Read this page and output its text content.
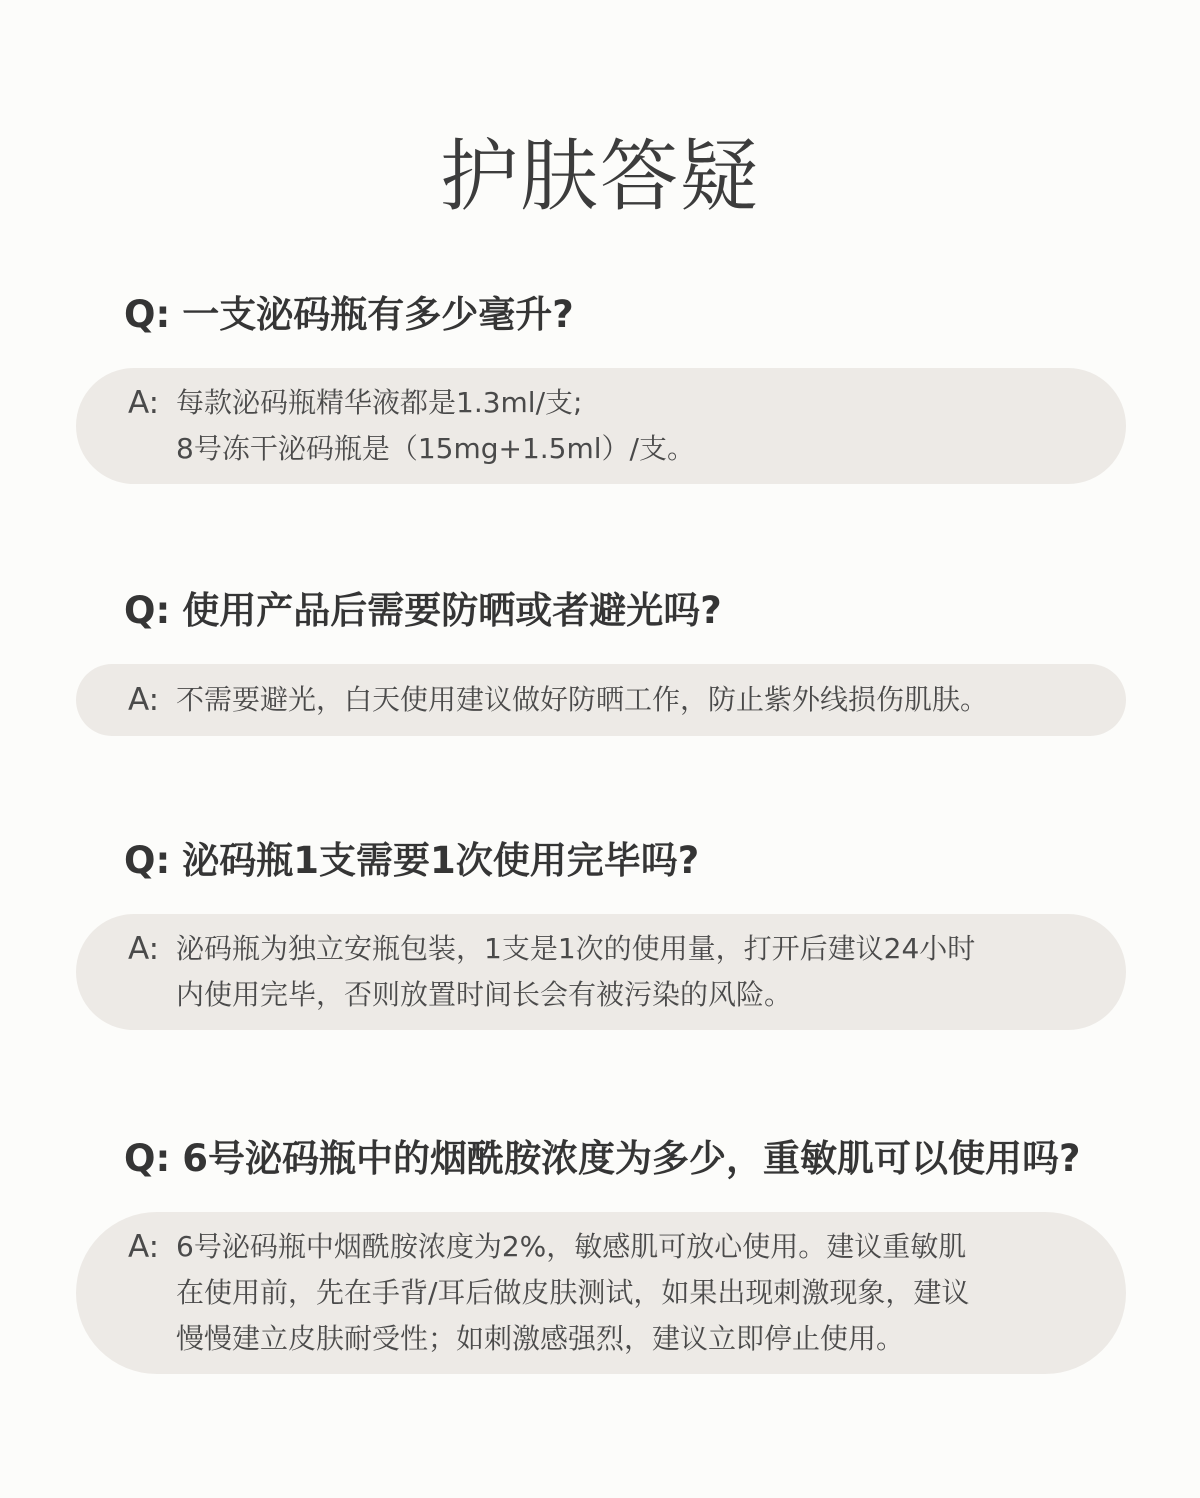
护肤答疑
Q: 一支泌码瓶有多少毫升?
A: 每款泌码瓶精华液都是1.3ml/支;
8号冻干泌码瓶是（15mg+1.5ml）/支。
Q: 使用产品后需要防晒或者避光吗?
A: 不需要避光，白天使用建议做好防晒工作，防止紫外线损伤肌肤。
Q: 泌码瓶1支需要1次使用完毕吗?
A: 泌码瓶为独立安瓶包装，1支是1次的使用量，打开后建议24小时
内使用完毕，否则放置时间长会有被污染的风险。
Q: 6号泌码瓶中的烟酰胺浓度为多少，重敏肌可以使用吗?
A: 6号泌码瓶中烟酰胺浓度为2%，敏感肌可放心使用。建议重敏肌
在使用前，先在手背/耳后做皮肤测试，如果出现刺激现象，建议
慢慢建立皮肤耐受性；如刺激感强烈，建议立即停止使用。
